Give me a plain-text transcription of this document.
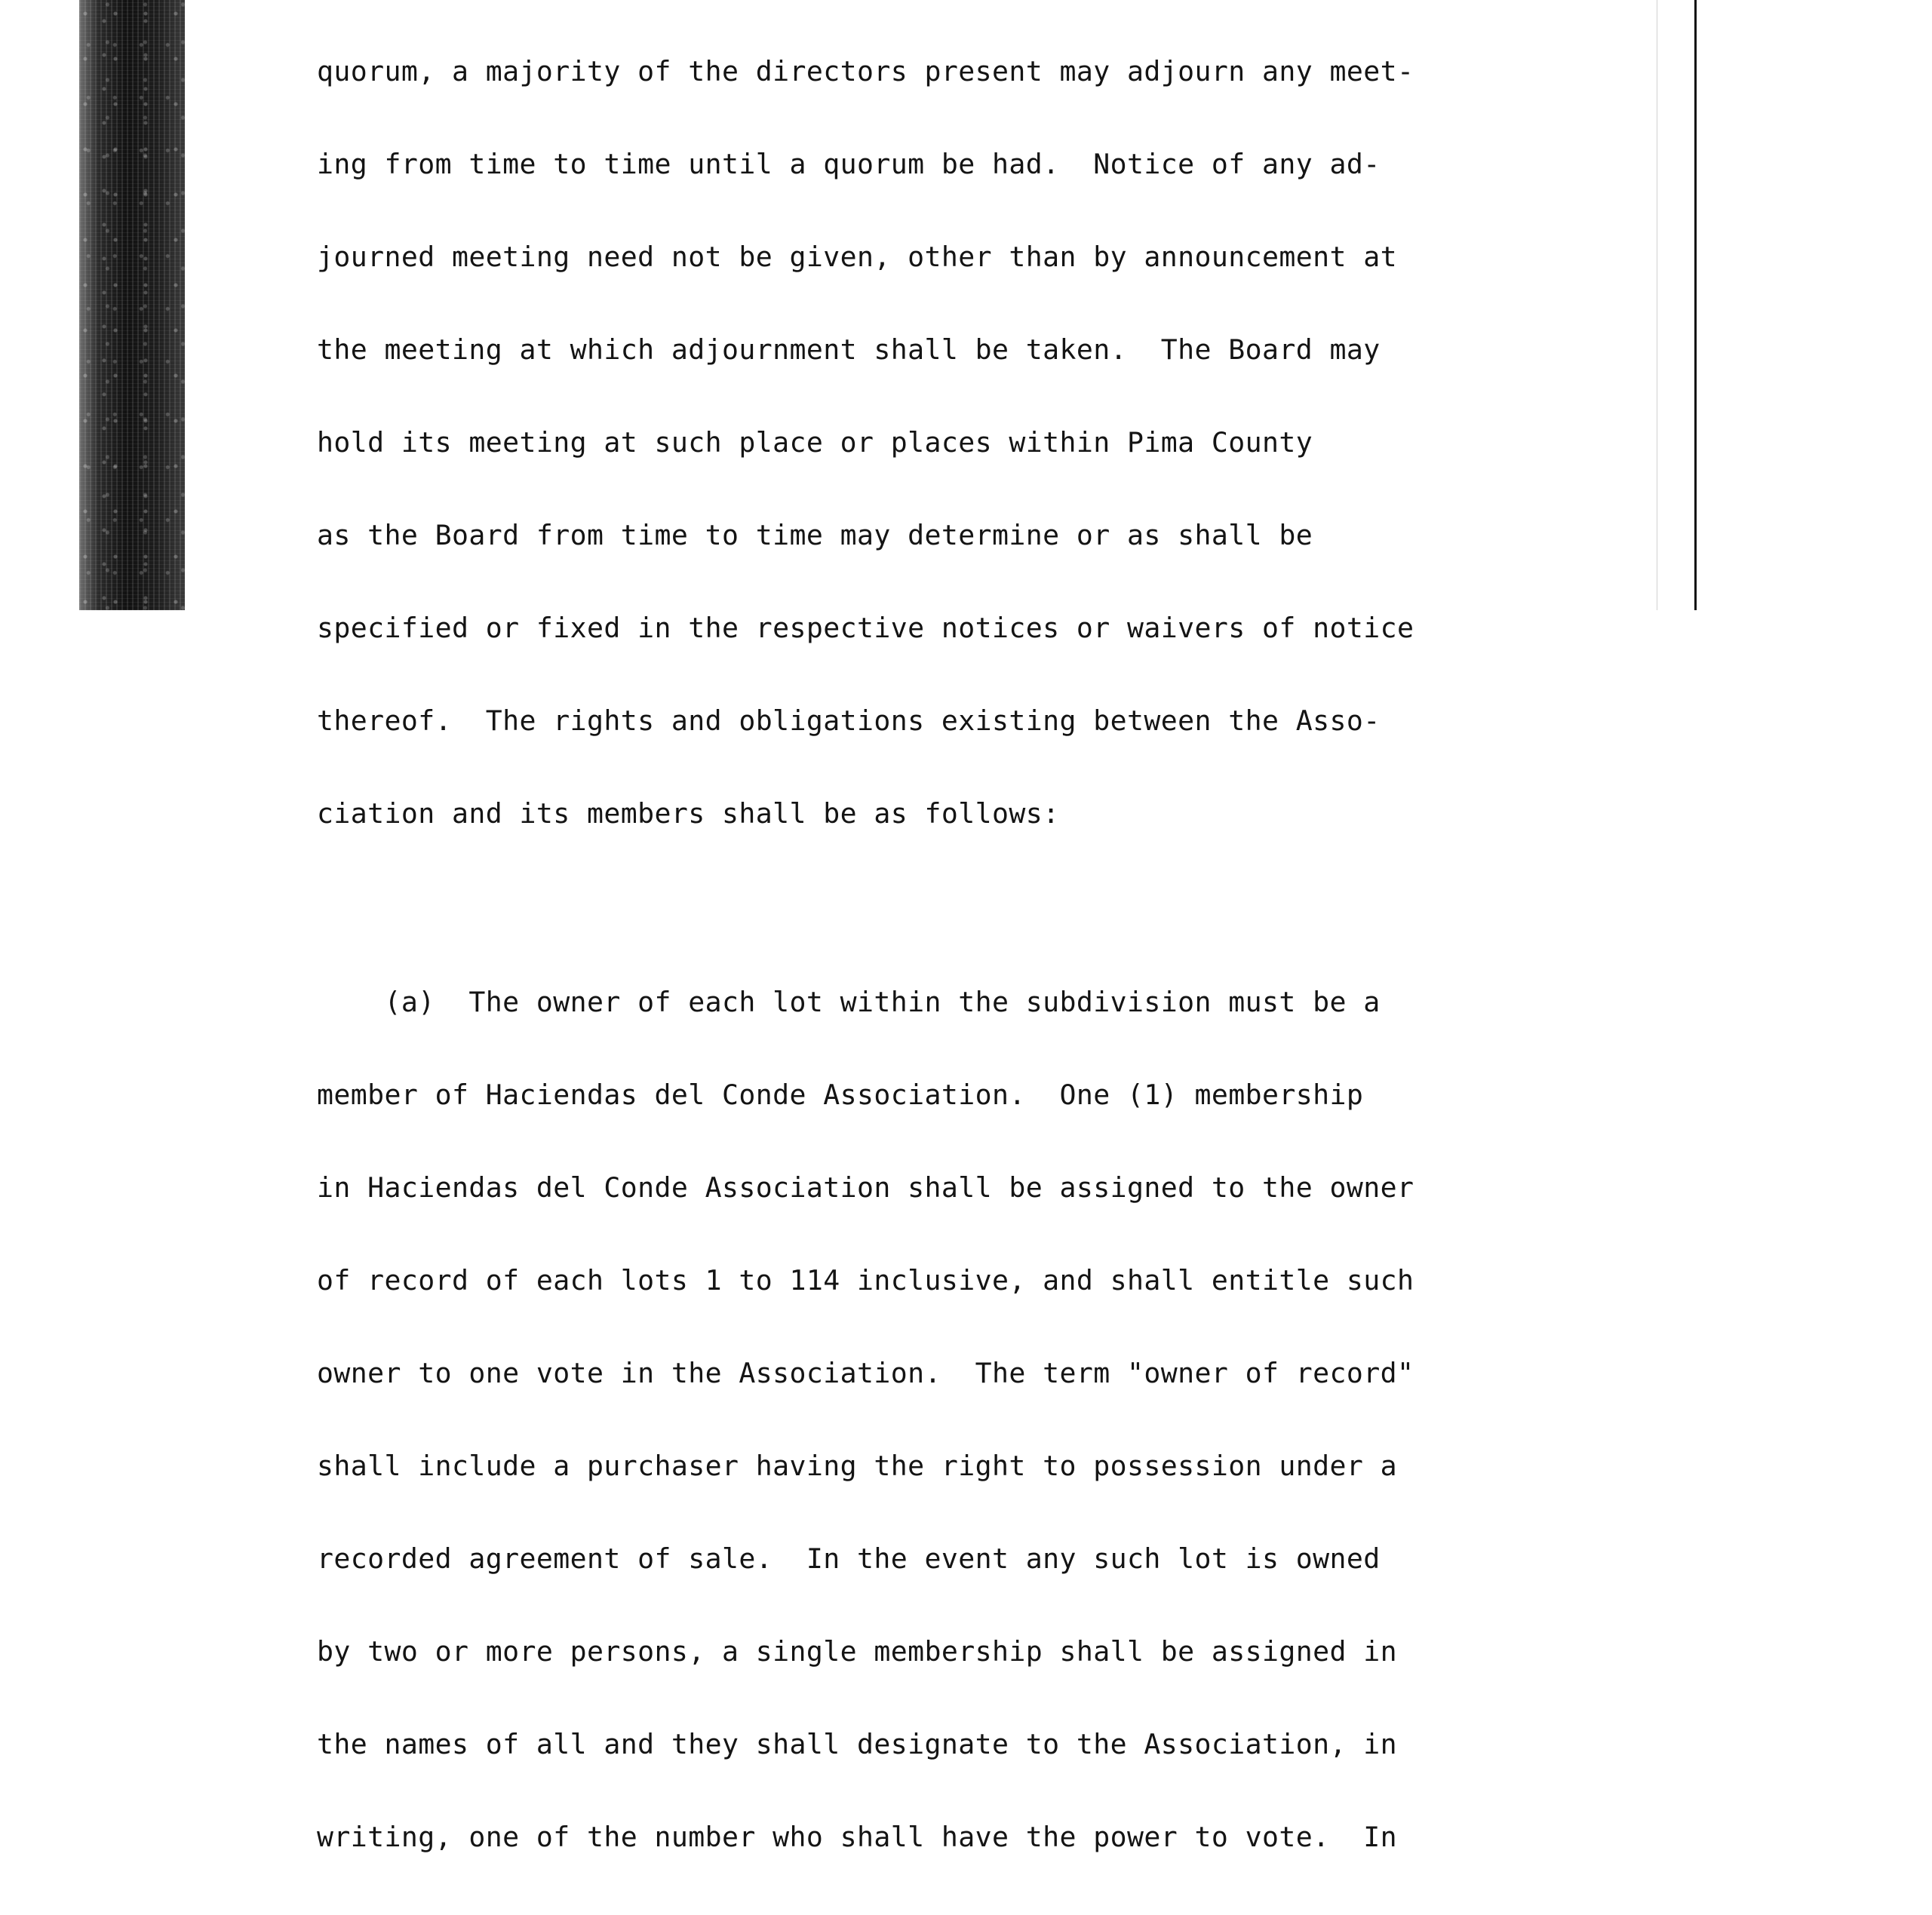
quorum, a majority of the directors present may adjourn any meet-

ing from time to time until a quorum be had.  Notice of any ad-

journed meeting need not be given, other than by announcement at

the meeting at which adjournment shall be taken.  The Board may

hold its meeting at such place or places within Pima County

as the Board from time to time may determine or as shall be

specified or fixed in the respective notices or waivers of notice

thereof.  The rights and obligations existing between the Asso-

ciation and its members shall be as follows:

(a)  The owner of each lot within the subdivision must be a

member of Haciendas del Conde Association.  One (1) membership

in Haciendas del Conde Association shall be assigned to the owner

of record of each lots 1 to 114 inclusive, and shall entitle such

owner to one vote in the Association.  The term "owner of record"

shall include a purchaser having the right to possession under a

recorded agreement of sale.  In the event any such lot is owned

by two or more persons, a single membership shall be assigned in

the names of all and they shall designate to the Association, in

writing, one of the number who shall have the power to vote.  In
